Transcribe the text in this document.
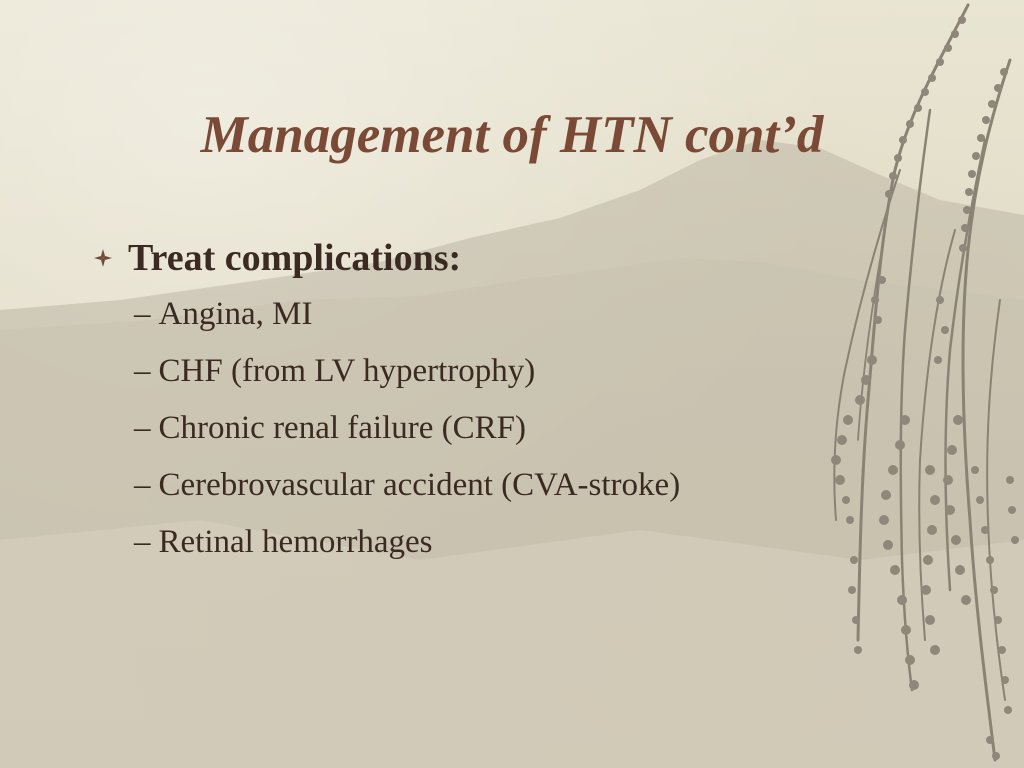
Management of HTN cont’d
Treat complications:
– Angina, MI
– CHF (from LV hypertrophy)
– Chronic renal failure (CRF)
– Cerebrovascular accident (CVA-stroke)
– Retinal hemorrhages
